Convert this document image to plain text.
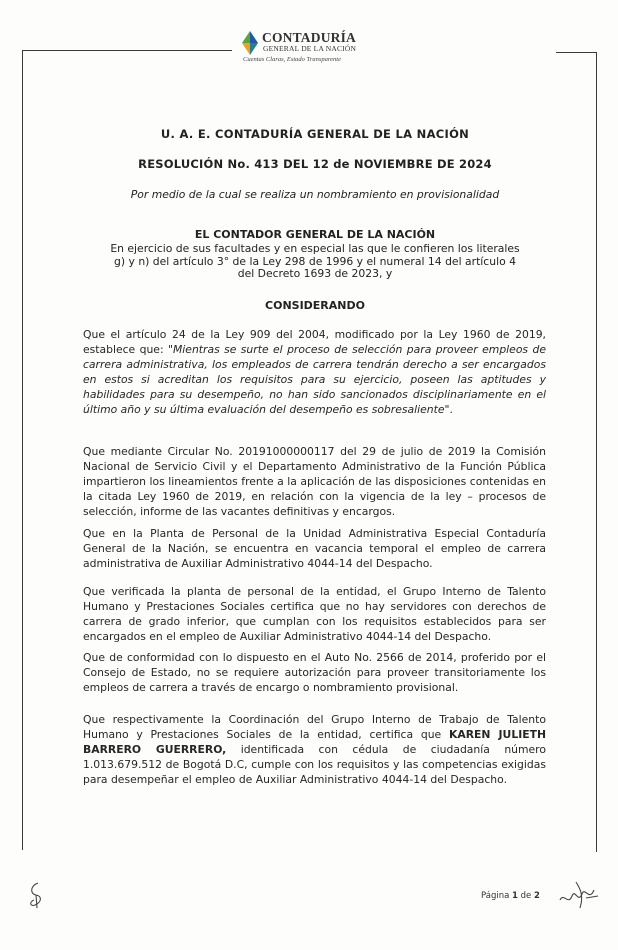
CONTADURÍA
GENERAL DE LA NACIÓN
Cuentas Claras, Estado Transparente
U. A. E. CONTADURÍA GENERAL DE LA NACIÓN
RESOLUCIÓN No. 413 DEL 12 de NOVIEMBRE DE 2024
Por medio de la cual se realiza un nombramiento en provisionalidad
EL CONTADOR GENERAL DE LA NACIÓN
En ejercicio de sus facultades y en especial las que le confieren los literales
g) y n) del artículo 3° de la Ley 298 de 1996 y el numeral 14 del artículo 4
del Decreto 1693 de 2023, y
CONSIDERANDO
Que el artículo 24 de la Ley 909 del 2004, modificado por la Ley 1960 de 2019, establece que: "Mientras se surte el proceso de selección para proveer empleos de carrera administrativa, los empleados de carrera tendrán derecho a ser encargados en estos si acreditan los requisitos para su ejercicio, poseen las aptitudes y habilidades para su desempeño, no han sido sancionados disciplinariamente en el último año y su última evaluación del desempeño es sobresaliente".
Que mediante Circular No. 20191000000117 del 29 de julio de 2019 la Comisión Nacional de Servicio Civil y el Departamento Administrativo de la Función Pública impartieron los lineamientos frente a la aplicación de las disposiciones contenidas en la citada Ley 1960 de 2019, en relación con la vigencia de la ley – procesos de selección, informe de las vacantes definitivas y encargos.
Que en la Planta de Personal de la Unidad Administrativa Especial Contaduría General de la Nación, se encuentra en vacancia temporal el empleo de carrera administrativa de Auxiliar Administrativo 4044-14 del Despacho.
Que verificada la planta de personal de la entidad, el Grupo Interno de Talento Humano y Prestaciones Sociales certifica que no hay servidores con derechos de carrera de grado inferior, que cumplan con los requisitos establecidos para ser encargados en el empleo de Auxiliar Administrativo 4044-14 del Despacho.
Que de conformidad con lo dispuesto en el Auto No. 2566 de 2014, proferido por el Consejo de Estado, no se requiere autorización para proveer transitoriamente los empleos de carrera a través de encargo o nombramiento provisional.
Que respectivamente la Coordinación del Grupo Interno de Trabajo de Talento Humano y Prestaciones Sociales de la entidad, certifica que KAREN JULIETH BARRERO GUERRERO, identificada con cédula de ciudadanía número 1.013.679.512 de Bogotá D.C, cumple con los requisitos y las competencias exigidas para desempeñar el empleo de Auxiliar Administrativo 4044-14 del Despacho.
Página 1 de 2
